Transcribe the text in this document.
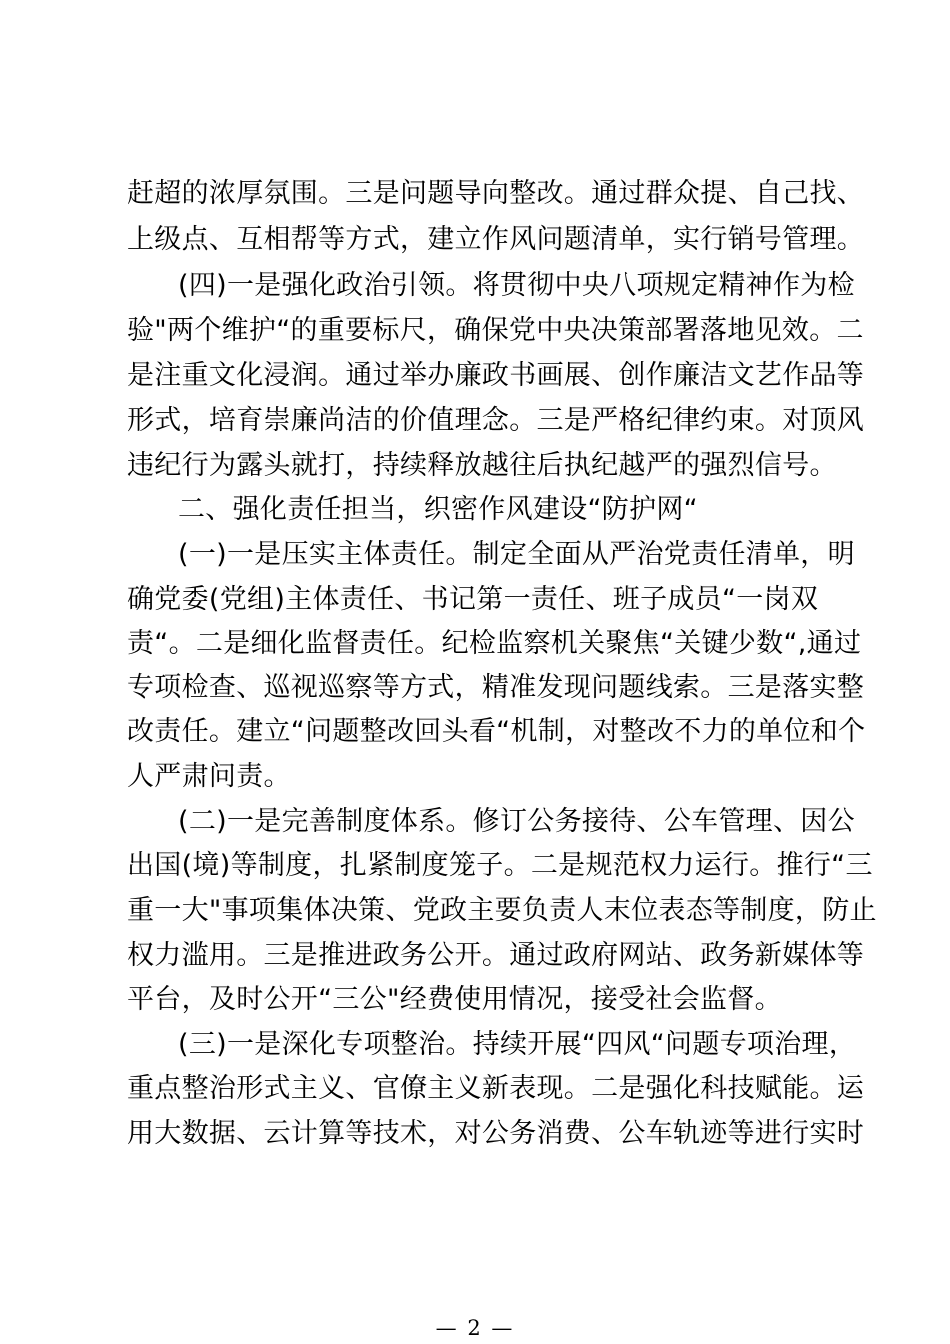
赶超的浓厚氛围。三是问题导向整改。通过群众提、自己找、
上级点、互相帮等方式，建立作风问题清单，实行销号管理。
(四)一是强化政治引领。将贯彻中央八项规定精神作为检
验"两个维护“的重要标尺，确保党中央决策部署落地见效。二
是注重文化浸润。通过举办廉政书画展、创作廉洁文艺作品等
形式，培育崇廉尚洁的价值理念。三是严格纪律约束。对顶风
违纪行为露头就打，持续释放越往后执纪越严的强烈信号。
二、强化责任担当，织密作风建设“防护网“
(一)一是压实主体责任。制定全面从严治党责任清单，明
确党委(党组)主体责任、书记第一责任、班子成员“一岗双
责“。二是细化监督责任。纪检监察机关聚焦“关键少数“,通过
专项检查、巡视巡察等方式，精准发现问题线索。三是落实整
改责任。建立“问题整改回头看“机制，对整改不力的单位和个
人严肃问责。
(二)一是完善制度体系。修订公务接待、公车管理、因公
出国(境)等制度，扎紧制度笼子。二是规范权力运行。推行“三
重一大"事项集体决策、党政主要负责人末位表态等制度，防止
权力滥用。三是推进政务公开。通过政府网站、政务新媒体等
平台，及时公开“三公"经费使用情况，接受社会监督。
(三)一是深化专项整治。持续开展“四风“问题专项治理，
重点整治形式主义、官僚主义新表现。二是强化科技赋能。运
用大数据、云计算等技术，对公务消费、公车轨迹等进行实时
— 2 —
